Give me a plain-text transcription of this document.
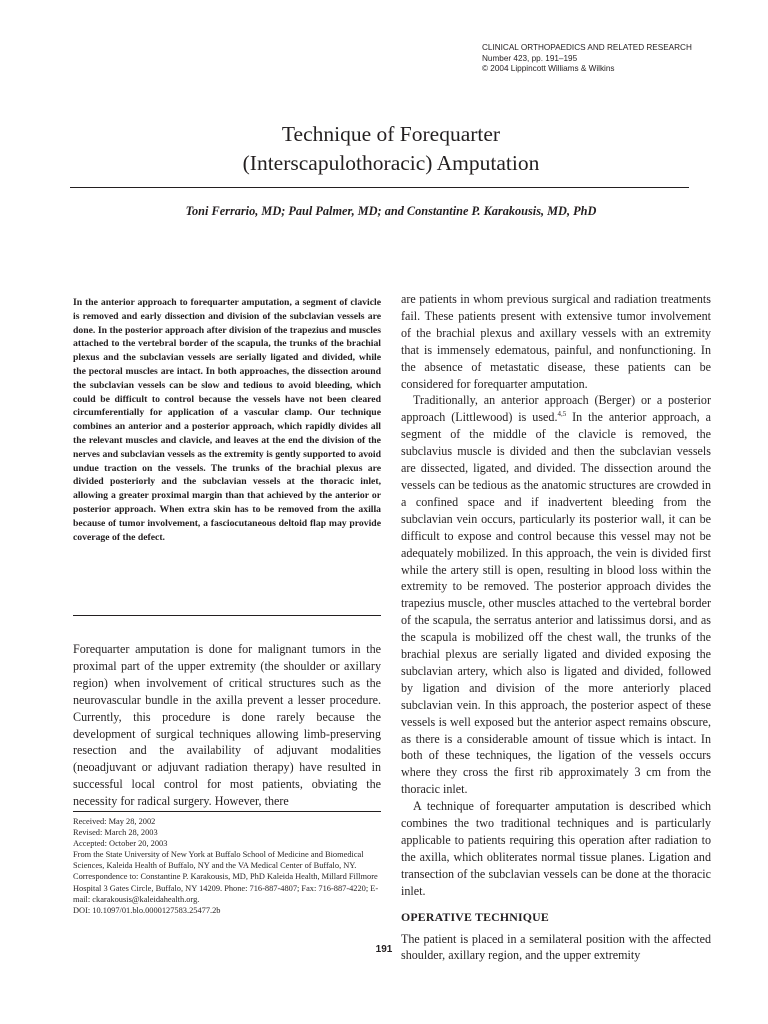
CLINICAL ORTHOPAEDICS AND RELATED RESEARCH
Number 423, pp. 191–195
© 2004 Lippincott Williams & Wilkins
Technique of Forequarter
(Interscapulothoracic) Amputation
Toni Ferrario, MD; Paul Palmer, MD; and Constantine P. Karakousis, MD, PhD

In the anterior approach to forequarter amputation, a segment of clavicle is removed and early dissection and division of the subclavian vessels are done. In the posterior approach after division of the trapezius and muscles attached to the vertebral border of the scapula, the trunks of the brachial plexus and the subclavian vessels are serially ligated and divided, while the pectoral muscles are intact. In both approaches, the dissection around the subclavian vessels can be slow and tedious to avoid bleeding, which could be difficult to control because the vessels have not been cleared circumferentially for application of a vascular clamp. Our technique combines an anterior and a posterior approach, which rapidly divides all the relevant muscles and clavicle, and leaves at the end the division of the nerves and subclavian vessels as the extremity is gently supported to avoid undue traction on the vessels. The trunks of the brachial plexus are divided posteriorly and the subclavian vessels at the thoracic inlet, allowing a greater proximal margin than that achieved by the anterior or posterior approach. When extra skin has to be removed from the axilla because of tumor involvement, a fasciocutaneous deltoid flap may provide coverage of the defect.

Forequarter amputation is done for malignant tumors in the proximal part of the upper extremity (the shoulder or axillary region) when involvement of critical structures such as the neurovascular bundle in the axilla prevent a lesser procedure. Currently, this procedure is done rarely because the development of surgical techniques allowing limb-preserving resection and the availability of adjuvant modalities (neoadjuvant or adjuvant radiation therapy) have resulted in successful local control for most patients, obviating the necessity for radical surgery. However, there

Received: May 28, 2002
Revised: March 28, 2003
Accepted: October 20, 2003
From the State University of New York at Buffalo School of Medicine and Biomedical Sciences, Kaleida Health of Buffalo, NY and the VA Medical Center of Buffalo, NY.
Correspondence to: Constantine P. Karakousis, MD, PhD Kaleida Health, Millard Fillmore Hospital 3 Gates Circle, Buffalo, NY 14209. Phone: 716-887-4807; Fax: 716-887-4220; E-mail: ckarakousis@kaleidahealth.org.
DOI: 10.1097/01.blo.0000127583.25477.2b

are patients in whom previous surgical and radiation treatments fail. These patients present with extensive tumor involvement of the brachial plexus and axillary vessels with an extremity that is immensely edematous, painful, and nonfunctioning. In the absence of metastatic disease, these patients can be considered for forequarter amputation.

Traditionally, an anterior approach (Berger) or a posterior approach (Littlewood) is used.$^{4,5}$ In the anterior approach, a segment of the middle of the clavicle is removed, the subclavius muscle is divided and then the subclavian vessels are dissected, ligated, and divided. The dissection around the vessels can be tedious as the anatomic structures are crowded in a confined space and if inadvertent bleeding from the subclavian vein occurs, particularly its posterior wall, it can be difficult to expose and control because this vessel may not be adequately mobilized. In this approach, the vein is divided first while the artery still is open, resulting in blood loss within the extremity to be removed. The posterior approach divides the trapezius muscle, other muscles attached to the vertebral border of the scapula, the serratus anterior and latissimus dorsi, and as the scapula is mobilized off the chest wall, the trunks of the brachial plexus are serially ligated and divided exposing the subclavian artery, which also is ligated and divided, followed by ligation and division of the more anteriorly placed subclavian vein. In this approach, the posterior aspect of these vessels is well exposed but the anterior aspect remains obscure, as there is a considerable amount of tissue which is intact. In both of these techniques, the ligation of the vessels occurs where they cross the first rib approximately 3 cm from the thoracic inlet.

A technique of forequarter amputation is described which combines the two traditional techniques and is particularly applicable to patients requiring this operation after radiation to the axilla, which obliterates normal tissue planes. Ligation and transection of the subclavian vessels can be done at the thoracic inlet.

OPERATIVE TECHNIQUE

The patient is placed in a semilateral position with the affected shoulder, axillary region, and the upper extremity

191
